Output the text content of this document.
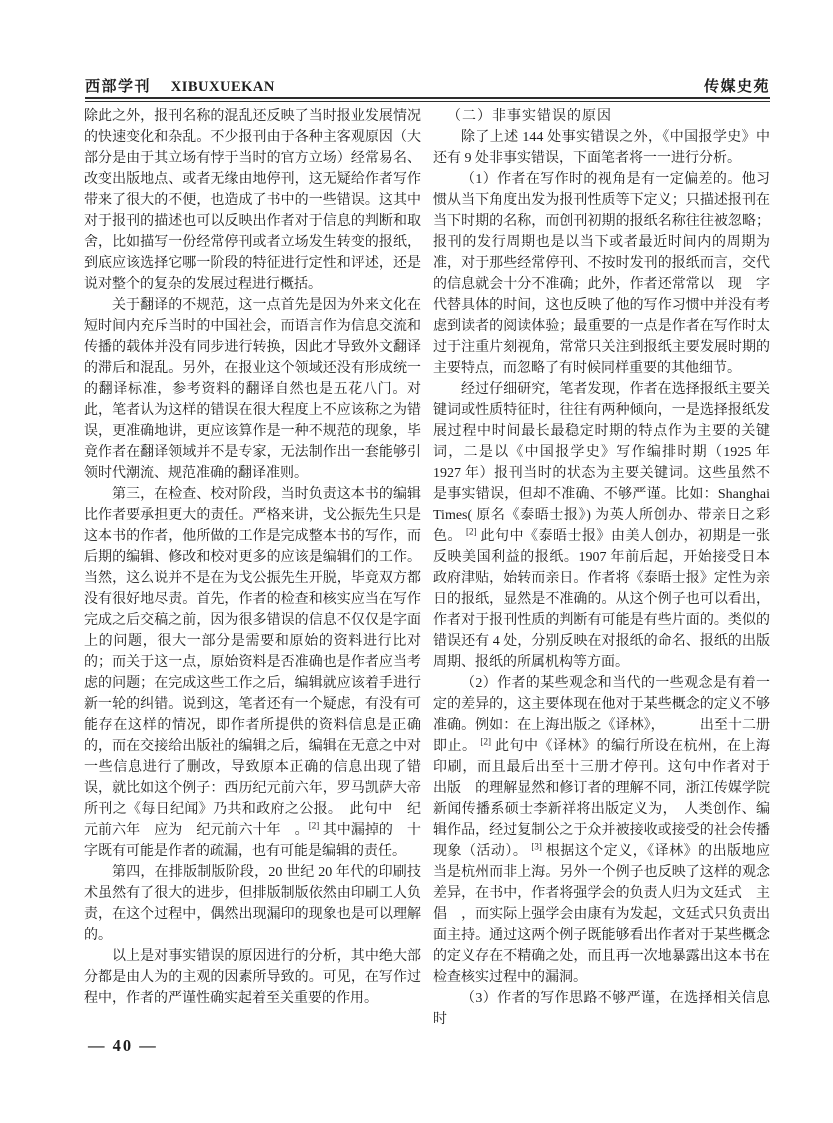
西部学刊 XIBUXUEKAN	传媒史苑

除此之外，报刊名称的混乱还反映了当时报业发展情况的快速变化和杂乱。不少报刊由于各种主客观原因（大部分是由于其立场有悖于当时的官方立场）经常易名、改变出版地点、或者无缘由地停刊，这无疑给作者写作带来了很大的不便，也造成了书中的一些错误。这其中对于报刊的描述也可以反映出作者对于信息的判断和取舍，比如描写一份经常停刊或者立场发生转变的报纸，到底应该选择它哪一阶段的特征进行定性和评述，还是说对整个的复杂的发展过程进行概括。

关于翻译的不规范，这一点首先是因为外来文化在短时间内充斥当时的中国社会，而语言作为信息交流和传播的载体并没有同步进行转换，因此才导致外文翻译的滞后和混乱。另外，在报业这个领域还没有形成统一的翻译标准，参考资料的翻译自然也是五花八门。对此，笔者认为这样的错误在很大程度上不应该称之为错误，更准确地讲，更应该算作是一种不规范的现象，毕竟作者在翻译领域并不是专家，无法制作出一套能够引领时代潮流、规范准确的翻译准则。

第三，在检查、校对阶段，当时负责这本书的编辑比作者要承担更大的责任。严格来讲，戈公振先生只是这本书的作者，他所做的工作是完成整本书的写作，而后期的编辑、修改和校对更多的应该是编辑们的工作。当然，这么说并不是在为戈公振先生开脱，毕竟双方都没有很好地尽责。首先，作者的检查和核实应当在写作完成之后交稿之前，因为很多错误的信息不仅仅是字面上的问题，很大一部分是需要和原始的资料进行比对的；而关于这一点，原始资料是否准确也是作者应当考虑的问题；在完成这些工作之后，编辑就应该着手进行新一轮的纠错。说到这，笔者还有一个疑虑，有没有可能存在这样的情况，即作者所提供的资料信息是正确的，而在交接给出版社的编辑之后，编辑在无意之中对一些信息进行了删改，导致原本正确的信息出现了错误，就比如这个例子：西历纪元前六年，罗马凯萨大帝所刊之《每日纪闻》乃共和政府之公报。　此句中　纪元前六年　应为　纪元前六十年　。[2] 其中漏掉的　十　字既有可能是作者的疏漏，也有可能是编辑的责任。

第四，在排版制版阶段，20 世纪 20 年代的印刷技术虽然有了很大的进步，但排版制版依然由印刷工人负责，在这个过程中，偶然出现漏印的现象也是可以理解的。

以上是对事实错误的原因进行的分析，其中绝大部分都是由人为的主观的因素所导致的。可见，在写作过程中，作者的严谨性确实起着至关重要的作用。

（二）非事实错误的原因

除了上述 144 处事实错误之外，《中国报学史》中还有 9 处非事实错误，下面笔者将一一进行分析。

（1）作者在写作时的视角是有一定偏差的。他习惯从当下角度出发为报刊性质等下定义；只描述报刊在当下时期的名称，而创刊初期的报纸名称往往被忽略；报刊的发行周期也是以当下或者最近时间内的周期为准，对于那些经常停刊、不按时发刊的报纸而言，交代的信息就会十分不准确；此外，作者还常常以　现　字代替具体的时间，这也反映了他的写作习惯中并没有考虑到读者的阅读体验；最重要的一点是作者在写作时太过于注重片刻视角，常常只关注到报纸主要发展时期的主要特点，而忽略了有时候同样重要的其他细节。

经过仔细研究，笔者发现，作者在选择报纸主要关键词或性质特征时，往往有两种倾向，一是选择报纸发展过程中时间最长最稳定时期的特点作为主要的关键词，二是以《中国报学史》写作编排时期（1925 年　1927 年）报刊当时的状态为主要关键词。这些虽然不是事实错误，但却不准确、不够严谨。比如：Shanghai Times( 原名《泰晤士报》) 为英人所创办、带亲日之彩色。 [2] 此句中《泰晤士报》由美人创办，初期是一张反映美国利益的报纸。1907 年前后起，开始接受日本政府津贴，始转而亲日。作者将《泰晤士报》定性为亲日的报纸，显然是不准确的。从这个例子也可以看出，作者对于报刊性质的判断有可能是有些片面的。类似的错误还有 4 处，分别反映在对报纸的命名、报纸的出版周期、报纸的所属机构等方面。

（2）作者的某些观念和当代的一些观念是有着一定的差异的，这主要体现在他对于某些概念的定义不够准确。例如：在上海出版之《译林》，　　　出至十二册即止。 [2] 此句中《译林》的编行所设在杭州，在上海印刷，而且最后出至十三册才停刊。这句中作者对于　出版　的理解显然和修订者的理解不同，浙江传媒学院新闻传播系硕士李新祥将出版定义为，　人类创作、编辑作品，经过复制公之于众并被接收或接受的社会传播现象（活动）。 [3] 根据这个定义，《译林》的出版地应当是杭州而非上海。另外一个例子也反映了这样的观念差异，在书中，作者将强学会的负责人归为文廷式　主倡　，而实际上强学会由康有为发起，文廷式只负责出面主持。通过这两个例子既能够看出作者对于某些概念的定义存在不精确之处，而且再一次地暴露出这本书在检查核实过程中的漏洞。

（3）作者的写作思路不够严谨，在选择相关信息时

— 40 —
